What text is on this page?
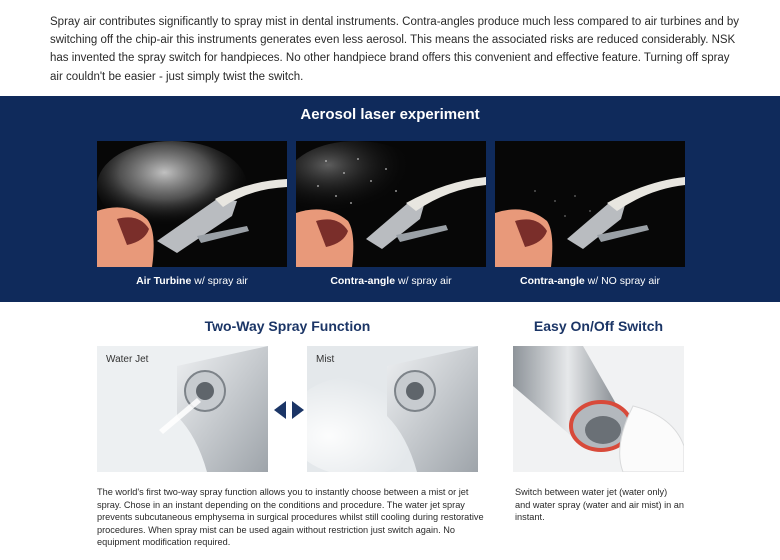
Spray air contributes significantly to spray mist in dental instruments. Contra-angles produce much less compared to air turbines and by switching off the chip-air this instruments generates even less aerosol. This means the associated risks are reduced considerably. NSK has invented the spray switch for handpieces. No other handpiece brand offers this convenient and effective feature. Turning off spray air couldn't be easier - just simply twist the switch.

Aerosol laser experiment
Air Turbine w/ spray air	Contra-angle w/ spray air	Contra-angle w/ NO spray air
Two-Way Spray Function
Water Jet	Mist

The world's first two-way spray function allows you to instantly choose between a mist or jet spray. Chose in an instant depending on the conditions and procedure. The water jet spray prevents subcutaneous emphysema in surgical procedures whilst still cooling during restorative procedures. When spray mist can be used again without restriction just switch again. No equipment modification required.

Easy On/Off Switch

Switch between water jet (water only) and water spray (water and air mist) in an instant.
